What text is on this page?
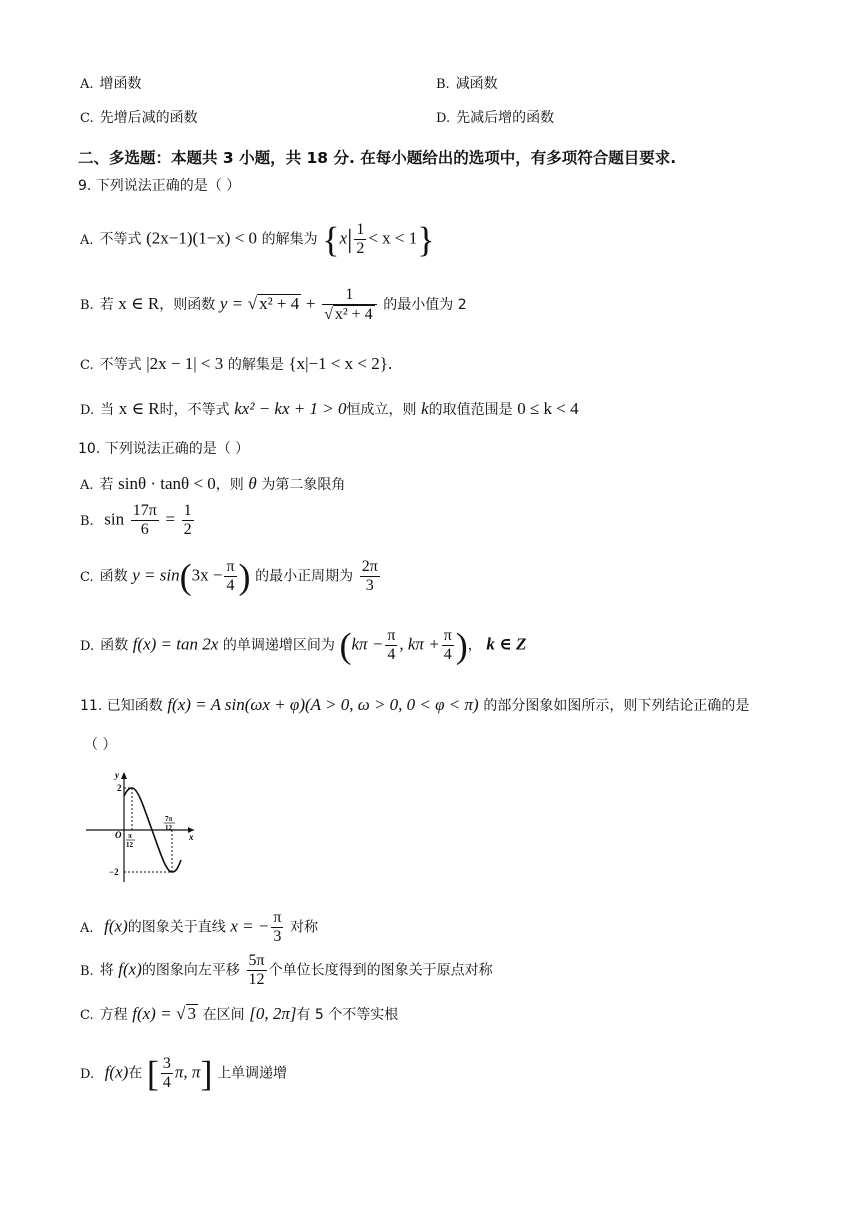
A. 增函数	B. 减函数
C. 先增后减的函数	D. 先减后增的函数
二、多选题：本题共 3 小题，共 18 分. 在每小题给出的选项中，有多项符合题目要求.
9. 下列说法正确的是（ ）
A. 不等式 (2x−1)(1−x) < 0 的解集为 $\{x| \frac{1}{2} < x < 1\}$
B. 若 x ∈ R，则函数 y = √ $x^2 + 4 + \frac{1}{\text{√ x² + 4}}$ 的最小值为 2
C. 不等式 |2x − 1| < 3 的解集是 {x|−1 < x < 2}.
D. 当 x ∈ R时，不等式 kx² − kx + 1 > 0恒成立，则 k的取值范围是 0 ≤ k < 4
10. 下列说法正确的是（ ）
A. 若 sinθ · tanθ < 0，则 θ 为第二象限角
B. $\sin \frac{17\pi}{6} = \frac{1}{2}$
C. 函数 $y = \sin(3x - \frac{\pi}{4}$ ) 的最小正周期为 $\frac{2\pi}{3}$
D. 函数 f(x) = tan 2x 的单调递增区间为 ($k\pi - \frac{\pi}{4}$ , $k\pi + \frac{\pi}{4}$ )， k ∈ Z
11. 已知函数 f(x) = A sin(ωx + φ)(A > 0, ω > 0, 0 < φ < π) 的部分图象如图所示，则下列结论正确的是
（ ）
y
x
O
2
−2
π
12
7π
12
A. f(x)的图象关于直线 x = − $\frac{\pi}{3}$ 对称
B. 将 f(x)的图象向左平移 $\frac{5\pi}{12}$ 个单位长度得到的图象关于原点对称
C. 方程 f(x) = √ 3 在区间 [0, 2π]有 5 个不等实根
D. f(x)在 [ $\frac{3}{4} \pi$, π] 上单调递增
